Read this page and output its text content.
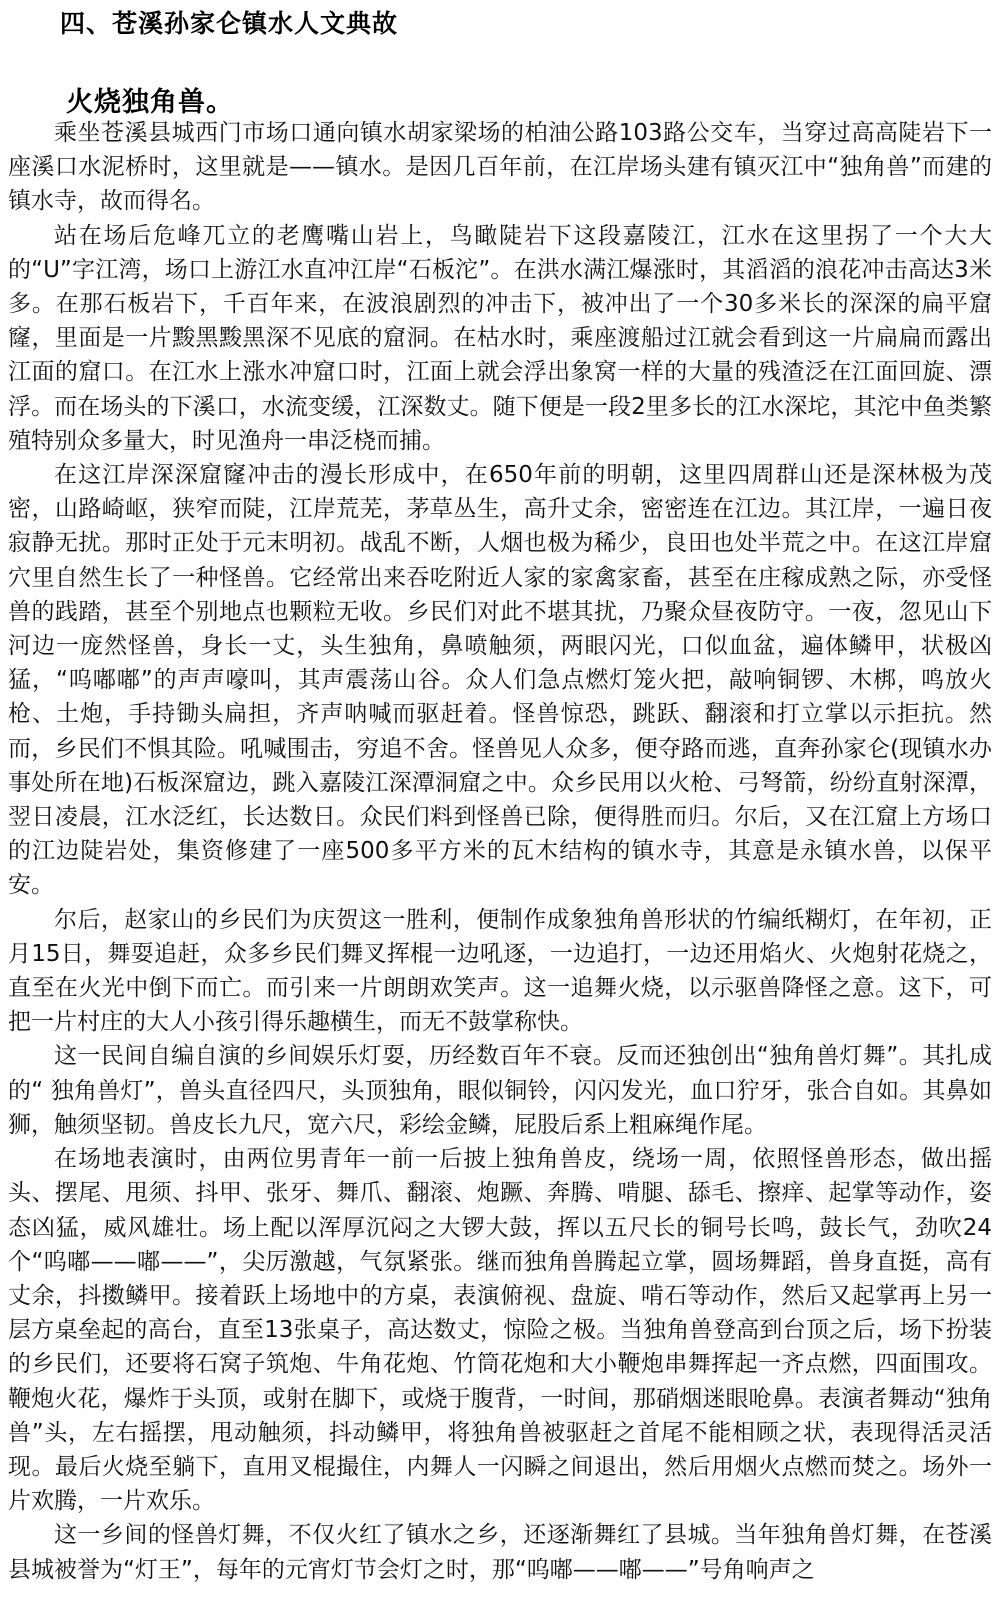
四、苍溪孙家仑镇水人文典故
火烧独角兽。

乘坐苍溪县城西门市场口通向镇水胡家梁场的柏油公路103路公交车，当穿过高高陡岩下一座溪口水泥桥时，这里就是——镇水。是因几百年前，在江岸场头建有镇灭江中“独角兽”而建的镇水寺，故而得名。

站在场后危峰兀立的老鹰嘴山岩上，鸟瞰陡岩下这段嘉陵江，江水在这里拐了一个大大的“U”字江湾，场口上游江水直冲江岸“石板沱”。在洪水满江爆涨时，其滔滔的浪花冲击高达3米多。在那石板岩下，千百年来，在波浪剧烈的冲击下，被冲出了一个30多米长的深深的扁平窟窿，里面是一片黢黑黢黑深不见底的窟洞。在枯水时，乘座渡船过江就会看到这一片扁扁而露出江面的窟口。在江水上涨水冲窟口时，江面上就会浮出象窝一样的大量的残渣泛在江面回旋、漂浮。而在场头的下溪口，水流变缓，江深数丈。随下便是一段2里多长的江水深坨，其沱中鱼类繁殖特别众多量大，时见渔舟一串泛桡而捕。

在这江岸深深窟窿冲击的漫长形成中，在650年前的明朝，这里四周群山还是深林极为茂密，山路崎岖，狭窄而陡，江岸荒芜，茅草丛生，高升丈余，密密连在江边。其江岸，一遍日夜寂静无扰。那时正处于元末明初。战乱不断，人烟也极为稀少，良田也处半荒之中。在这江岸窟穴里自然生长了一种怪兽。它经常出来吞吃附近人家的家禽家畜，甚至在庄稼成熟之际，亦受怪兽的践踏，甚至个别地点也颗粒无收。乡民们对此不堪其扰，乃聚众昼夜防守。一夜，忽见山下河边一庞然怪兽，身长一丈，头生独角，鼻喷触须，两眼闪光，口似血盆，遍体鳞甲，状极凶猛，“呜嘟嘟”的声声嚎叫，其声震荡山谷。众人们急点燃灯笼火把，敲响铜锣、木梆，鸣放火枪、土炮，手持锄头扁担，齐声呐喊而驱赶着。怪兽惊恐，跳跃、翻滚和打立掌以示拒抗。然而，乡民们不惧其险。吼喊围击，穷追不舍。怪兽见人众多，便夺路而逃，直奔孙家仑(现镇水办事处所在地)石板深窟边，跳入嘉陵江深潭洞窟之中。众乡民用以火枪、弓弩箭，纷纷直射深潭，翌日凌晨，江水泛红，长达数日。众民们料到怪兽已除，便得胜而归。尔后，又在江窟上方场口的江边陡岩处，集资修建了一座500多平方米的瓦木结构的镇水寺，其意是永镇水兽，以保平安。

尔后，赵家山的乡民们为庆贺这一胜利，便制作成象独角兽形状的竹编纸糊灯，在年初，正月15日，舞耍追赶，众多乡民们舞叉挥棍一边吼逐，一边追打，一边还用焰火、火炮射花烧之，直至在火光中倒下而亡。而引来一片朗朗欢笑声。这一追舞火烧，以示驱兽降怪之意。这下，可把一片村庄的大人小孩引得乐趣横生，而无不鼓掌称快。

这一民间自编自演的乡间娱乐灯耍，历经数百年不衰。反而还独创出“独角兽灯舞”。其扎成的“ 独角兽灯”，兽头直径四尺，头顶独角，眼似铜铃，闪闪发光，血口狞牙，张合自如。其鼻如狮，触须坚韧。兽皮长九尺，宽六尺，彩绘金鳞，屁股后系上粗麻绳作尾。

在场地表演时，由两位男青年一前一后披上独角兽皮，绕场一周，依照怪兽形态，做出摇头、摆尾、甩须、抖甲、张牙、舞爪、翻滚、炮蹶、奔腾、啃腿、舔毛、擦痒、起掌等动作，姿态凶猛，威风雄壮。场上配以浑厚沉闷之大锣大鼓，挥以五尺长的铜号长鸣，鼓长气，劲吹24个“呜嘟——嘟——”，尖厉激越，气氛紧张。继而独角兽腾起立掌，圆场舞蹈，兽身直挺，高有丈余，抖擞鳞甲。接着跃上场地中的方桌，表演俯视、盘旋、啃石等动作，然后又起掌再上另一层方桌垒起的高台，直至13张桌子，高达数丈，惊险之极。当独角兽登高到台顶之后，场下扮装的乡民们，还要将石窝子筑炮、牛角花炮、竹筒花炮和大小鞭炮串舞挥起一齐点燃，四面围攻。鞭炮火花，爆炸于头顶，或射在脚下，或烧于腹背，一时间，那硝烟迷眼呛鼻。表演者舞动“独角兽”头，左右摇摆，甩动触须，抖动鳞甲，将独角兽被驱赶之首尾不能相顾之状，表现得活灵活现。最后火烧至躺下，直用叉棍撮住，内舞人一闪瞬之间退出，然后用烟火点燃而焚之。场外一片欢腾，一片欢乐。

这一乡间的怪兽灯舞，不仅火红了镇水之乡，还逐渐舞红了县城。当年独角兽灯舞，在苍溪县城被誉为“灯王”，每年的元宵灯节会灯之时，那“呜嘟——嘟——”号角响声之
